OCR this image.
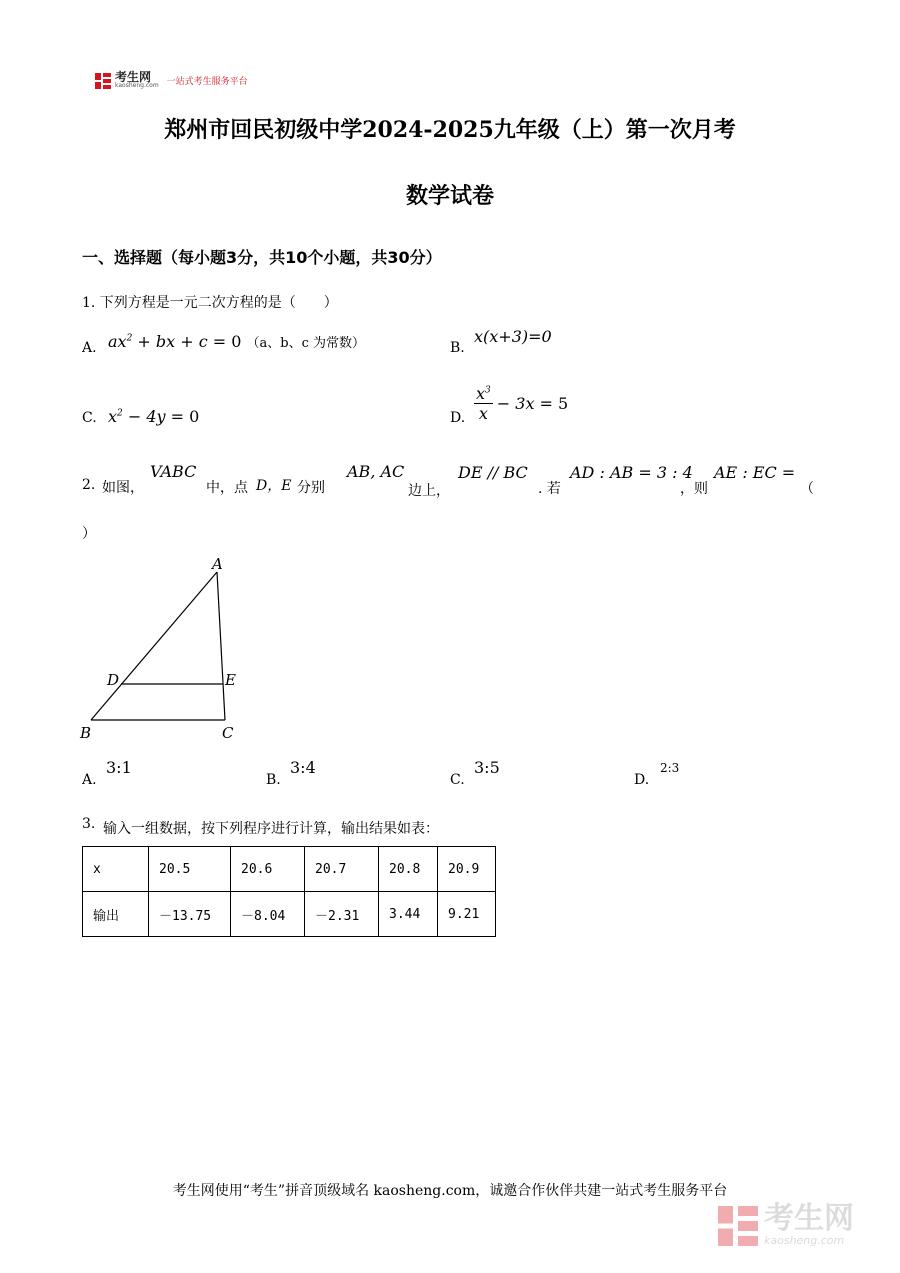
考生网
kaosheng.com 一站式考生服务平台
郑州市回民初级中学2024-2025九年级（上）第一次月考
数学试卷
一、选择题（每小题3分，共10个小题，共30分）
1. 下列方程是一元二次方程的是（　　）
A. $ax^2$ + bx + c = 0 （a、b、c 为常数）	B.
x(x+3)=0
C. $x^2 - 4y = 0$	D.
$x^3$
x
− 3x = 5
2. 如图，
VABC
中，点 D，E 分别
AB, AC
边上，
DE // BC
. 若
AD : AB = 3 : 4
，则
AE : EC =
（
）
A
B	C
D	E
A.
3:1
B.
3:4
C.
3:5
D.
2:3
3. 输入一组数据，按下列程序进行计算，输出结果如表：
x	20.5	20.6	20.7	20.8	20.9
输出	－13.75	－8.04	－2.31	3.44	9.21
考生网使用“考生”拼音顶级域名 kaosheng.com，诚邀合作伙伴共建一站式考生服务平台
考生网
kaosheng.com
